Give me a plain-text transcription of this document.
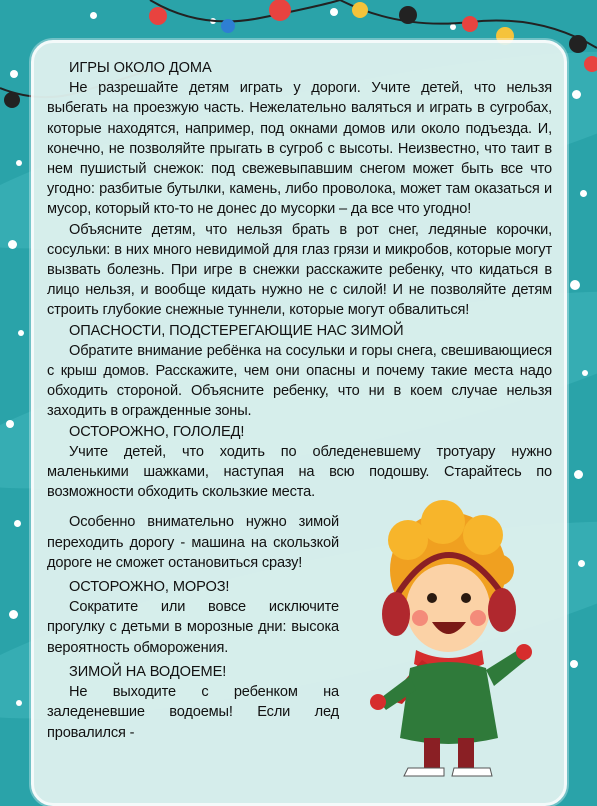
ИГРЫ ОКОЛО ДОМА

Не разрешайте детям играть у дороги. Учите детей, что нельзя выбегать на проезжую часть. Нежелательно валяться и играть в сугробах, которые находятся, например, под окнами домов или около подъезда. И, конечно, не позволяйте прыгать в сугроб с высоты. Неизвестно, что таит в нем пушистый снежок: под свежевыпавшим снегом может быть все что угодно: разбитые бутылки, камень, либо проволока, может там оказаться и мусор, который кто-то не донес до мусорки – да все что угодно!

Объясните детям, что нельзя брать в рот снег, ледяные корочки, сосульки: в них много невидимой для глаз грязи и микробов, которые могут вызвать болезнь. При игре в снежки расскажите ребенку, что кидаться в лицо нельзя, и вообще кидать нужно не с силой! И не позволяйте детям строить глубокие снежные туннели, которые могут обвалиться!

ОПАСНОСТИ, ПОДСТЕРЕГАЮЩИЕ НАС ЗИМОЙ

Обратите внимание ребёнка на сосульки и горы снега, свешивающиеся с крыш домов. Расскажите, чем они опасны и почему такие места надо обходить стороной. Объясните ребенку, что ни в коем случае нельзя заходить в огражденные зоны.

ОСТОРОЖНО, ГОЛОЛЕД!

Учите детей, что ходить по обледеневшему тротуару нужно маленькими шажками, наступая на всю подошву. Старайтесь по возможности обходить скользкие места.

Особенно внимательно нужно зимой переходить дорогу - машина на скользкой дороге не сможет остановиться сразу!

ОСТОРОЖНО, МОРОЗ!

Сократите или вовсе исключите прогулку с детьми в морозные дни: высока вероятность обморожения.

ЗИМОЙ НА ВОДОЕМЕ!

Не выходите с ребенком на заледеневшие водоемы! Если лед провалился -
